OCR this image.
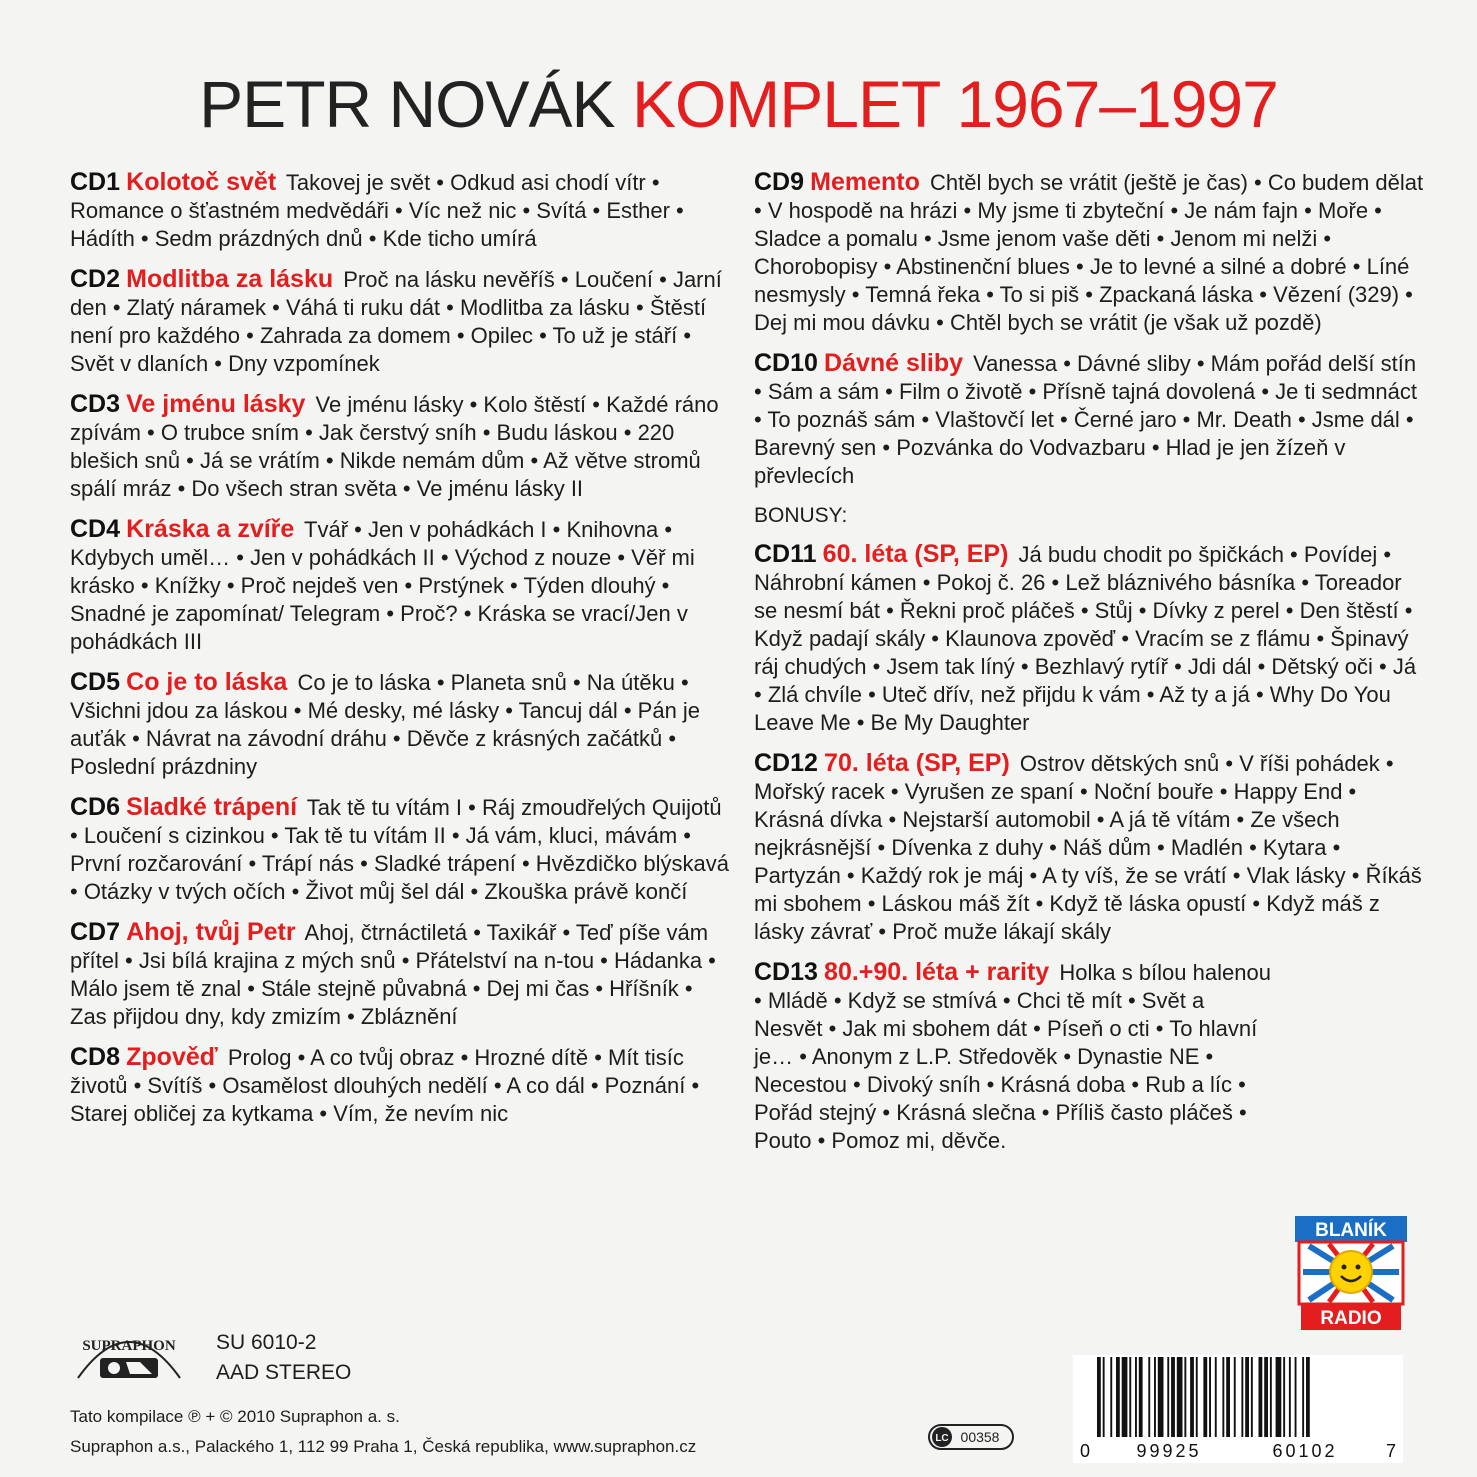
PETR NOVÁK KOMPLET 1967–1997
CD1 Kolotoč svět Takovej je svět • Odkud asi chodí vítr • Romance o šťastném medvědáři • Víc než nic • Svítá • Esther • Hádíth • Sedm prázdných dnů • Kde ticho umírá
CD2 Modlitba za lásku Proč na lásku nevěříš • Loučení • Jarní den • Zlatý náramek • Váhá ti ruku dát • Modlitba za lásku • Štěstí není pro každého • Zahrada za domem • Opilec • To už je stáří • Svět v dlaních • Dny vzpomínek
CD3 Ve jménu lásky Ve jménu lásky • Kolo štěstí • Každé ráno zpívám • O trubce sním • Jak čerstvý sníh • Budu láskou • 220 blešich snů • Já se vrátím • Nikde nemám dům • Až větve stromů spálí mráz • Do všech stran světa • Ve jménu lásky II
CD4 Kráska a zvíře Tvář • Jen v pohádkách I • Knihovna • Kdybych uměl… • Jen v pohádkách II • Východ z nouze • Věř mi krásko • Knížky • Proč nejdeš ven • Prstýnek • Týden dlouhý • Snadné je zapomínat/ Telegram • Proč? • Kráska se vrací/Jen v pohádkách III
CD5 Co je to láska Co je to láska • Planeta snů • Na útěku • Všichni jdou za láskou • Mé desky, mé lásky • Tancuj dál • Pán je auťák • Návrat na závodní dráhu • Děvče z krásných začátků • Poslední prázdniny
CD6 Sladké trápení Tak tě tu vítám I • Ráj zmoudřelých Quijotů • Loučení s cizinkou • Tak tě tu vítám II • Já vám, kluci, mávám • První rozčarování • Trápí nás • Sladké trápení • Hvězdičko blýskavá • Otázky v tvých očích • Život můj šel dál • Zkouška právě končí
CD7 Ahoj, tvůj Petr Ahoj, čtrnáctiletá • Taxikář • Teď píše vám přítel • Jsi bílá krajina z mých snů • Přátelství na n-tou • Hádanka • Málo jsem tě znal • Stále stejně půvabná • Dej mi čas • Hříšník • Zas přijdou dny, kdy zmizím • Zbláznění
CD8 Zpověď Prolog • A co tvůj obraz • Hrozné dítě • Mít tisíc životů • Svítíš • Osamělost dlouhých nedělí • A co dál • Poznání • Starej obličej za kytkama • Vím, že nevím nic
CD9 Memento Chtěl bych se vrátit (ještě je čas) • Co budem dělat • V hospodě na hrázi • My jsme ti zbyteční • Je nám fajn • Moře • Sladce a pomalu • Jsme jenom vaše děti • Jenom mi nelži • Chorobopisy • Abstinenční blues • Je to levné a silné a dobré • Líné nesmysly • Temná řeka • To si piš • Zpackaná láska • Vězení (329) • Dej mi mou dávku • Chtěl bych se vrátit (je však už pozdě)
CD10 Dávné sliby Vanessa • Dávné sliby • Mám pořád delší stín • Sám a sám • Film o životě • Přísně tajná dovolená • Je ti sedmnáct • To poznáš sám • Vlaštovčí let • Černé jaro • Mr. Death • Jsme dál • Barevný sen • Pozvánka do Vodvazbaru • Hlad je jen žízeň v převlecích
BONUSY:
CD11 60. léta (SP, EP) Já budu chodit po špičkách • Povídej • Náhrobní kámen • Pokoj č. 26 • Lež bláznivého básníka • Toreador se nesmí bát • Řekni proč pláčeš • Stůj • Dívky z perel • Den štěstí • Když padají skály • Klaunova zpověď • Vracím se z flámu • Špinavý ráj chudých • Jsem tak líný • Bezhlavý rytíř • Jdi dál • Dětský oči • Já • Zlá chvíle • Uteč dřív, než přijdu k vám • Až ty a já • Why Do You Leave Me • Be My Daughter
CD12 70. léta (SP, EP) Ostrov dětských snů • V říši pohádek • Mořský racek • Vyrušen ze spaní • Noční bouře • Happy End • Krásná dívka • Nejstarší automobil • A já tě vítám • Ze všech nejkrásnější • Dívenka z duhy • Náš dům • Madlén • Kytara • Partyzán • Každý rok je máj • A ty víš, že se vrátí • Vlak lásky • Říkáš mi sbohem • Láskou máš žít • Když tě láska opustí • Když máš z lásky závrať • Proč muže lákají skály
CD13 80.+90. léta + rarity Holka s bílou halenou • Mládě • Když se stmívá • Chci tě mít • Svět a Nesvět • Jak mi sbohem dát • Píseň o cti • To hlavní je… • Anonym z L.P. Středověk • Dynastie NE • Necestou • Divoký sníh • Krásná doba • Rub a líc • Pořád stejný • Krásná slečna • Příliš často pláčeš • Pouto • Pomoz mi, děvče.
SUPRAPHON SU 6010-2
AAD STEREO
Tato kompilace ℗ + © 2010 Supraphon a. s.
Supraphon a.s., Palackého 1, 112 99 Praha 1, Česká republika, www.supraphon.cz	LC 00358
0	99925	60102	7
BLANÍK
RADIO
